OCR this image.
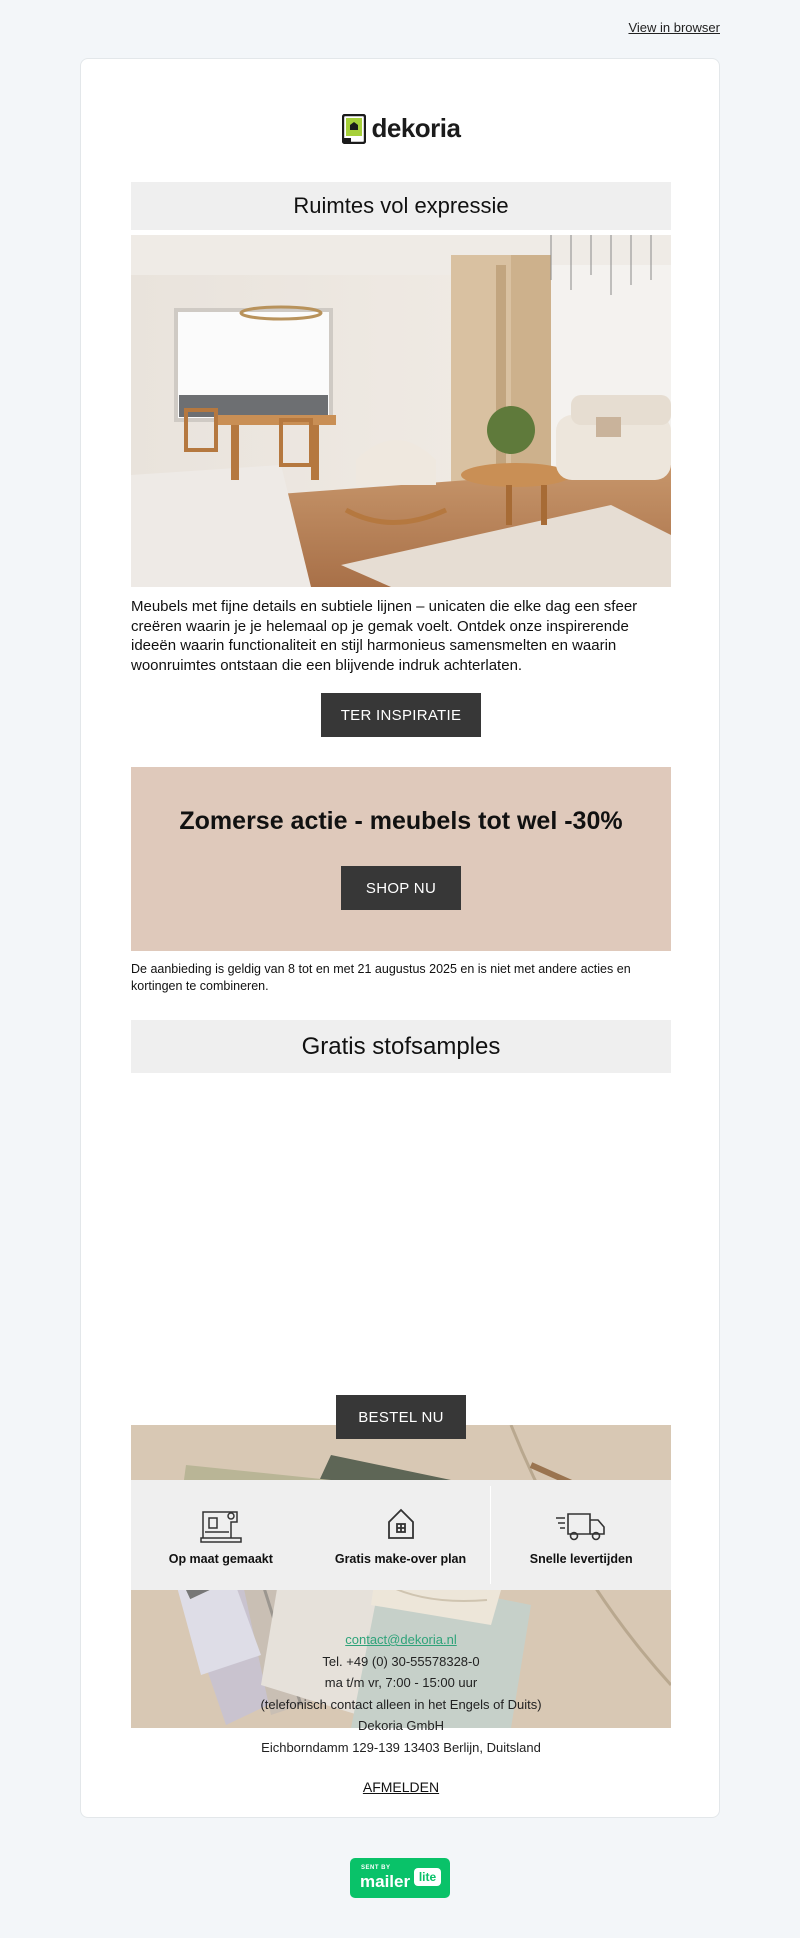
View in browser
dekoria
Ruimtes vol expressie
Meubels met fijne details en subtiele lijnen – unicaten die elke dag een sfeer creëren waarin je je helemaal op je gemak voelt. Ontdek onze inspirerende ideeën waarin functionaliteit en stijl harmonieus samensmelten en waarin woonruimtes ontstaan die een blijvende indruk achterlaten.
TER INSPIRATIE
Zomerse actie - meubels tot wel -30%
SHOP NU
De aanbieding is geldig van 8 tot en met 21 augustus 2025 en is niet met andere acties en kortingen te combineren.
Gratis stofsamples
BESTEL NU
Op maat gemaakt	Gratis make-over plan	Snelle levertijden
contact@dekoria.nl
Tel. +49 (0) 30-55578328-0
ma t/m vr, 7:00 - 15:00 uur
(telefonisch contact alleen in het Engels of Duits)
Dekoria GmbH
Eichborndamm 129-139 13403 Berlijn, Duitsland
AFMELDEN
SENT BY
mailer lite
